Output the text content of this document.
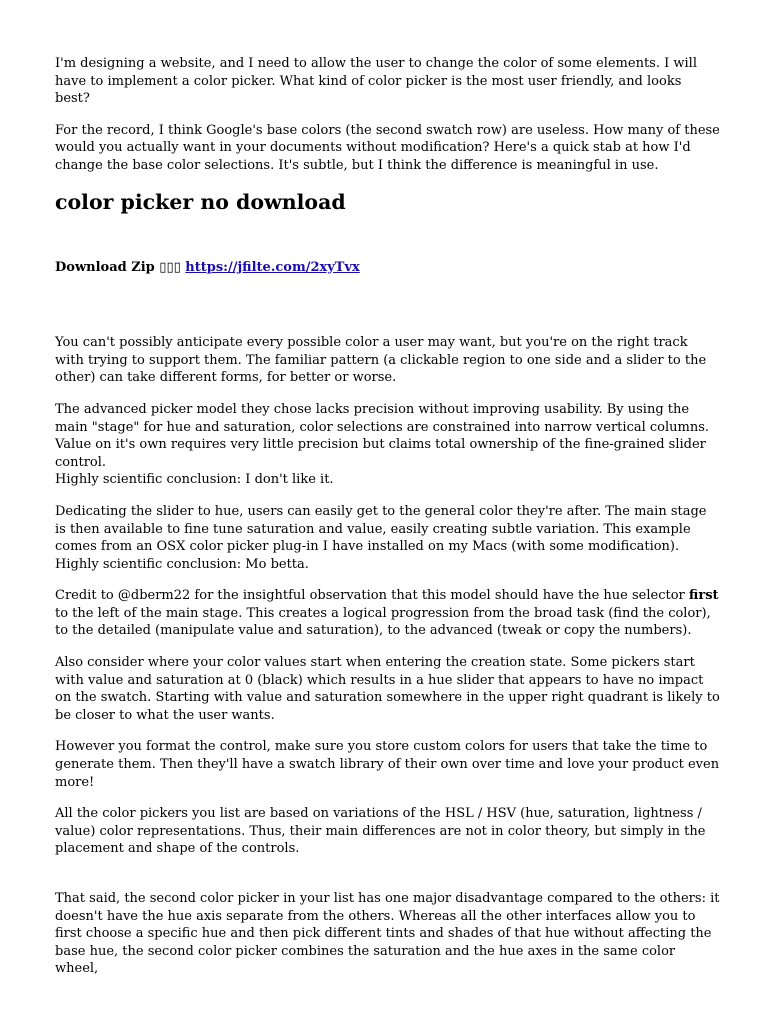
I'm designing a website, and I need to allow the user to change the color of some elements. I will have to implement a color picker. What kind of color picker is the most user friendly, and looks best?

For the record, I think Google's base colors (the second swatch row) are useless. How many of these would you actually want in your documents without modification? Here's a quick stab at how I'd change the base color selections. It's subtle, but I think the difference is meaningful in use.

color picker no download
Download Zip ▯▯▯ https://jfilte.com/2xyTvx

You can't possibly anticipate every possible color a user may want, but you're on the right track with trying to support them. The familiar pattern (a clickable region to one side and a slider to the other) can take different forms, for better or worse.

The advanced picker model they chose lacks precision without improving usability. By using the main "stage" for hue and saturation, color selections are constrained into narrow vertical columns. Value on it's own requires very little precision but claims total ownership of the fine-grained slider control.
Highly scientific conclusion: I don't like it.

Dedicating the slider to hue, users can easily get to the general color they're after. The main stage is then available to fine tune saturation and value, easily creating subtle variation. This example comes from an OSX color picker plug-in I have installed on my Macs (with some modification).
Highly scientific conclusion: Mo betta.

Credit to @dberm22 for the insightful observation that this model should have the hue selector first to the left of the main stage. This creates a logical progression from the broad task (find the color), to the detailed (manipulate value and saturation), to the advanced (tweak or copy the numbers).

Also consider where your color values start when entering the creation state. Some pickers start with value and saturation at 0 (black) which results in a hue slider that appears to have no impact on the swatch. Starting with value and saturation somewhere in the upper right quadrant is likely to be closer to what the user wants.

However you format the control, make sure you store custom colors for users that take the time to generate them. Then they'll have a swatch library of their own over time and love your product even more!

All the color pickers you list are based on variations of the HSL / HSV (hue, saturation, lightness / value) color representations. Thus, their main differences are not in color theory, but simply in the placement and shape of the controls.

That said, the second color picker in your list has one major disadvantage compared to the others: it doesn't have the hue axis separate from the others. Whereas all the other interfaces allow you to first choose a specific hue and then pick different tints and shades of that hue without affecting the base hue, the second color picker combines the saturation and the hue axes in the same color wheel,
